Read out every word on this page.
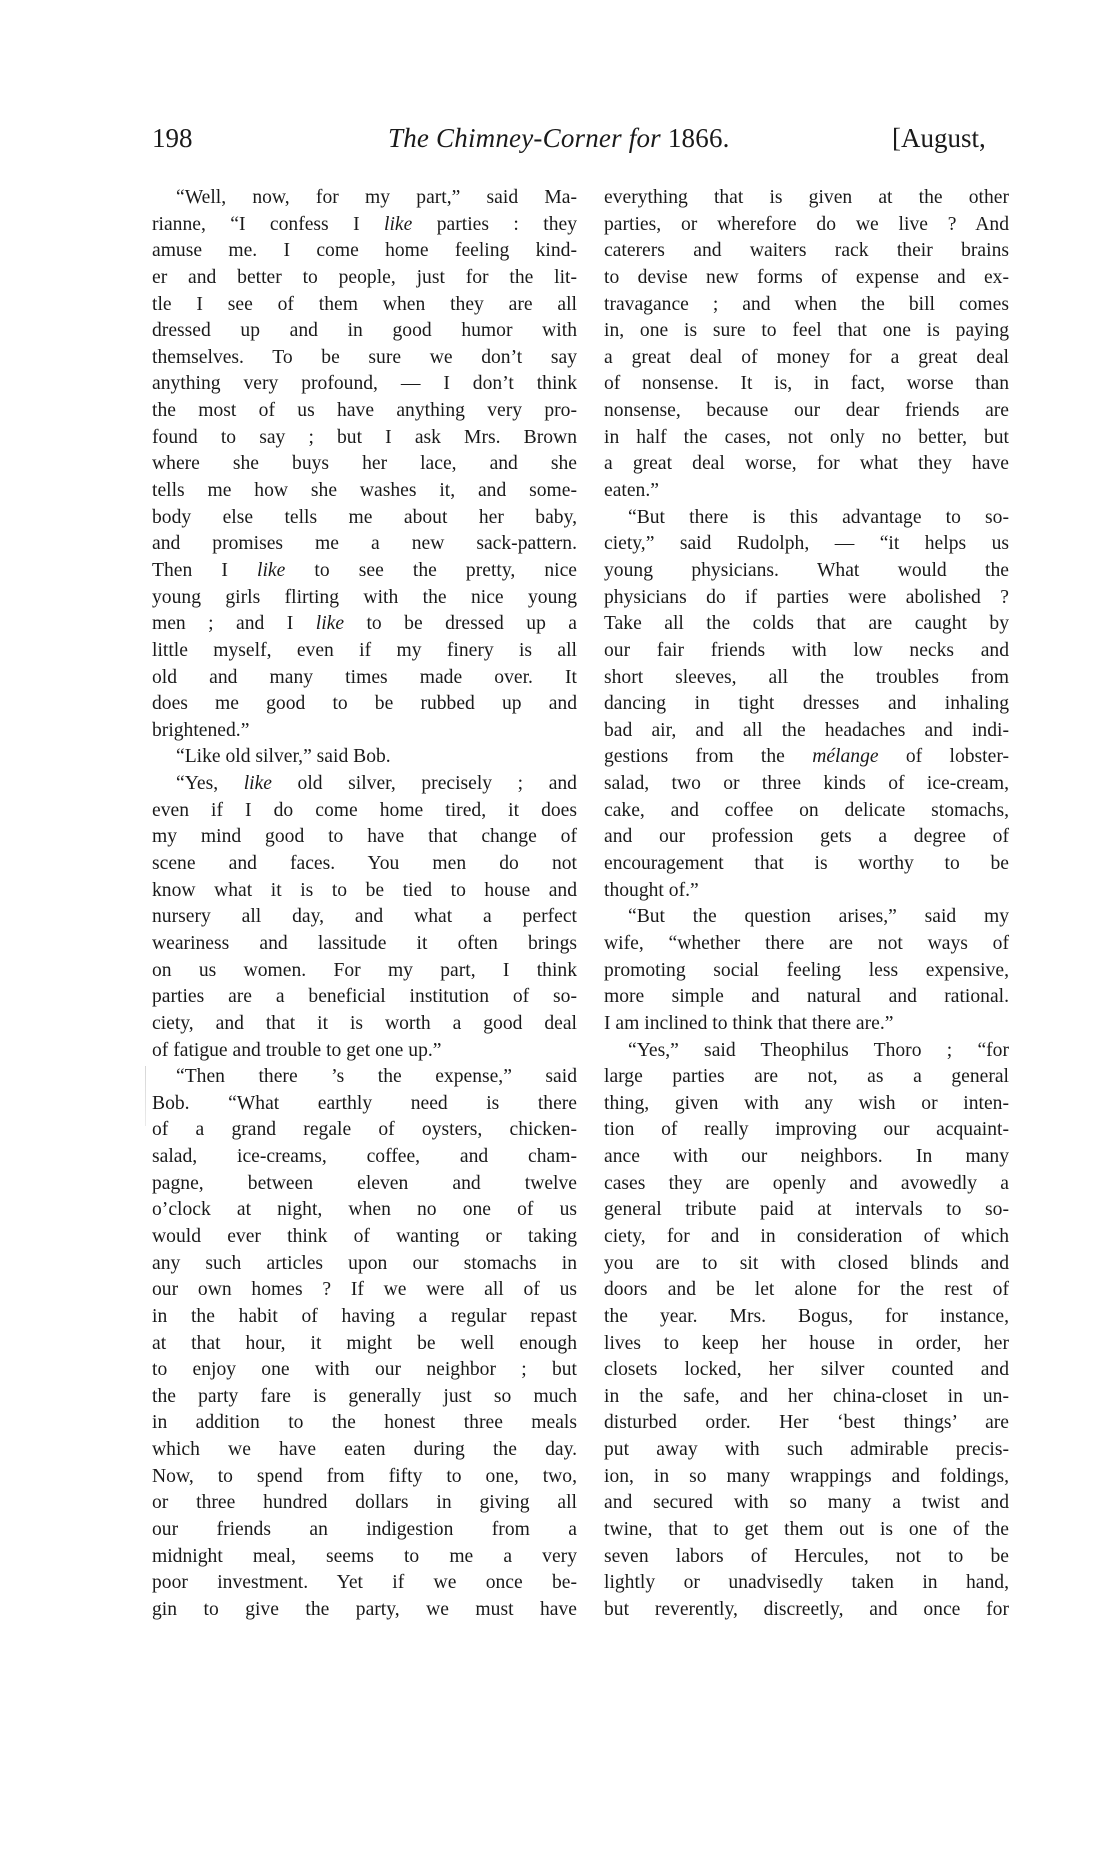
198	The Chimney-Corner for 1866.	[August,
“Well, now, for my part,” said Ma-
rianne, “I confess I like parties : they
amuse me. I come home feeling kind-
er and better to people, just for the lit-
tle I see of them when they are all
dressed up and in good humor with
themselves. To be sure we don’t say
anything very profound, — I don’t think
the most of us have anything very pro-
found to say ; but I ask Mrs. Brown
where she buys her lace, and she
tells me how she washes it, and some-
body else tells me about her baby,
and promises me a new sack-pattern.
Then I like to see the pretty, nice
young girls flirting with the nice young
men ; and I like to be dressed up a
little myself, even if my finery is all
old and many times made over. It
does me good to be rubbed up and
brightened.”
“Like old silver,” said Bob.
“Yes, like old silver, precisely ; and
even if I do come home tired, it does
my mind good to have that change of
scene and faces. You men do not
know what it is to be tied to house and
nursery all day, and what a perfect
weariness and lassitude it often brings
on us women. For my part, I think
parties are a beneficial institution of so-
ciety, and that it is worth a good deal
of fatigue and trouble to get one up.”
“Then there ’s the expense,” said
Bob. “What earthly need is there
of a grand regale of oysters, chicken-
salad, ice-creams, coffee, and cham-
pagne, between eleven and twelve
o’clock at night, when no one of us
would ever think of wanting or taking
any such articles upon our stomachs in
our own homes ? If we were all of us
in the habit of having a regular repast
at that hour, it might be well enough
to enjoy one with our neighbor ; but
the party fare is generally just so much
in addition to the honest three meals
which we have eaten during the day.
Now, to spend from fifty to one, two,
or three hundred dollars in giving all
our friends an indigestion from a
midnight meal, seems to me a very
poor investment. Yet if we once be-
gin to give the party, we must have
everything that is given at the other
parties, or wherefore do we live ? And
caterers and waiters rack their brains
to devise new forms of expense and ex-
travagance ; and when the bill comes
in, one is sure to feel that one is paying
a great deal of money for a great deal
of nonsense. It is, in fact, worse than
nonsense, because our dear friends are
in half the cases, not only no better, but
a great deal worse, for what they have
eaten.”
“But there is this advantage to so-
ciety,” said Rudolph, — “it helps us
young physicians. What would the
physicians do if parties were abolished ?
Take all the colds that are caught by
our fair friends with low necks and
short sleeves, all the troubles from
dancing in tight dresses and inhaling
bad air, and all the headaches and indi-
gestions from the mélange of lobster-
salad, two or three kinds of ice-cream,
cake, and coffee on delicate stomachs,
and our profession gets a degree of
encouragement that is worthy to be
thought of.”
“But the question arises,” said my
wife, “whether there are not ways of
promoting social feeling less expensive,
more simple and natural and rational.
I am inclined to think that there are.”
“Yes,” said Theophilus Thoro ; “for
large parties are not, as a general
thing, given with any wish or inten-
tion of really improving our acquaint-
ance with our neighbors. In many
cases they are openly and avowedly a
general tribute paid at intervals to so-
ciety, for and in consideration of which
you are to sit with closed blinds and
doors and be let alone for the rest of
the year. Mrs. Bogus, for instance,
lives to keep her house in order, her
closets locked, her silver counted and
in the safe, and her china-closet in un-
disturbed order. Her ‘best things’ are
put away with such admirable precis-
ion, in so many wrappings and foldings,
and secured with so many a twist and
twine, that to get them out is one of the
seven labors of Hercules, not to be
lightly or unadvisedly taken in hand,
but reverently, discreetly, and once for
